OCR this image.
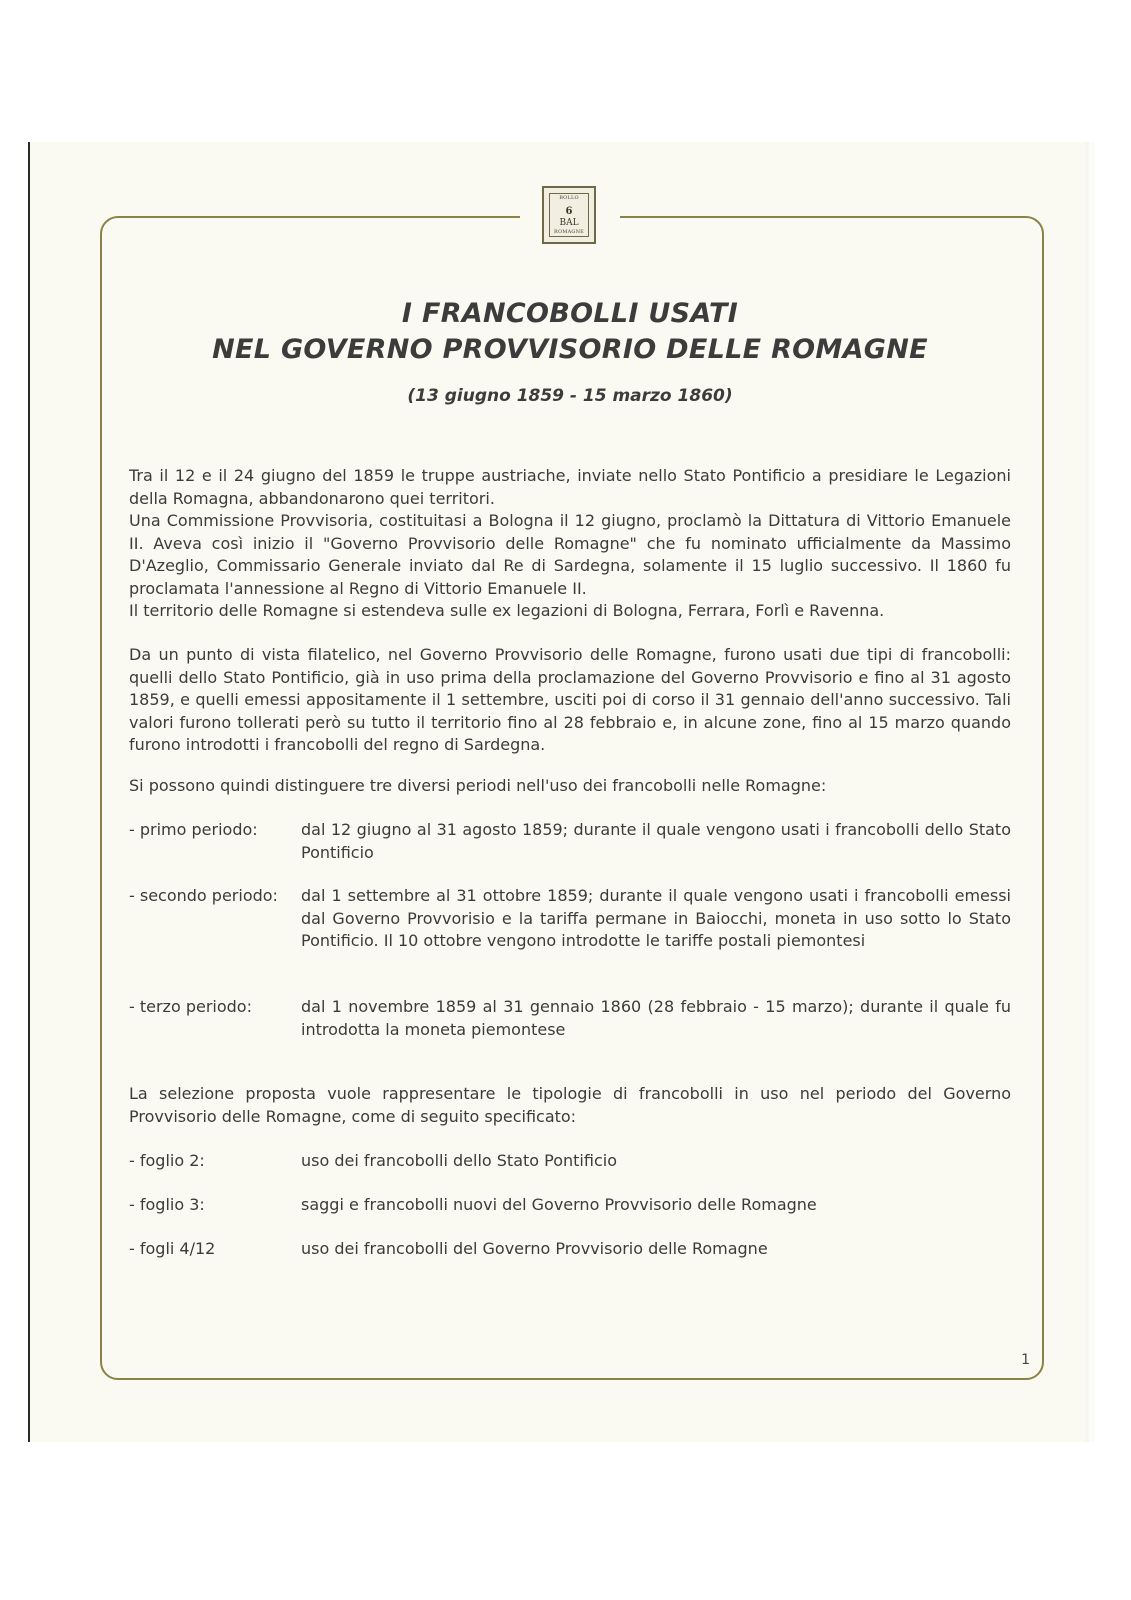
BOLLO
6
BAL
ROMAGNE
I FRANCOBOLLI USATI
NEL GOVERNO PROVVISORIO DELLE ROMAGNE
(13 giugno 1859 - 15 marzo 1860)

Tra il 12 e il 24 giugno del 1859 le truppe austriache, inviate nello Stato Pontificio a presidiare le Legazioni della Romagna, abbandonarono quei territori.

Una Commissione Provvisoria, costituitasi a Bologna il 12 giugno, proclamò la Dittatura di Vittorio Emanuele II. Aveva così inizio il "Governo Provvisorio delle Romagne" che fu nominato ufficialmente da Massimo D'Azeglio, Commissario Generale inviato dal Re di Sardegna, solamente il 15 luglio successivo. Il 1860 fu proclamata l'annessione al Regno di Vittorio Emanuele II.

Il territorio delle Romagne si estendeva sulle ex legazioni di Bologna, Ferrara, Forlì e Ravenna.

Da un punto di vista filatelico, nel Governo Provvisorio delle Romagne, furono usati due tipi di francobolli: quelli dello Stato Pontificio, già in uso prima della proclamazione del Governo Provvisorio e fino al 31 agosto 1859, e quelli emessi appositamente il 1 settembre, usciti poi di corso il 31 gennaio dell'anno successivo. Tali valori furono tollerati però su tutto il territorio fino al 28 febbraio e, in alcune zone, fino al 15 marzo quando furono introdotti i francobolli del regno di Sardegna.

Si possono quindi distinguere tre diversi periodi nell'uso dei francobolli nelle Romagne:

- primo periodo:	dal 12 giugno al 31 agosto 1859; durante il quale vengono usati i francobolli dello Stato Pontificio
- secondo periodo: dal 1 settembre al 31 ottobre 1859; durante il quale vengono usati i francobolli emessi dal Governo Provvorisio e la tariffa permane in Baiocchi, moneta in uso sotto lo Stato Pontificio. Il 10 ottobre vengono introdotte le tariffe postali piemontesi
- terzo periodo:	dal 1 novembre 1859 al 31 gennaio 1860 (28 febbraio - 15 marzo); durante il quale fu introdotta la moneta piemontese

La selezione proposta vuole rappresentare le tipologie di francobolli in uso nel periodo del Governo Provvisorio delle Romagne, come di seguito specificato:

- foglio 2:	uso dei francobolli dello Stato Pontificio
- foglio 3:	saggi e francobolli nuovi del Governo Provvisorio delle Romagne
- fogli 4/12	uso dei francobolli del Governo Provvisorio delle Romagne
1
